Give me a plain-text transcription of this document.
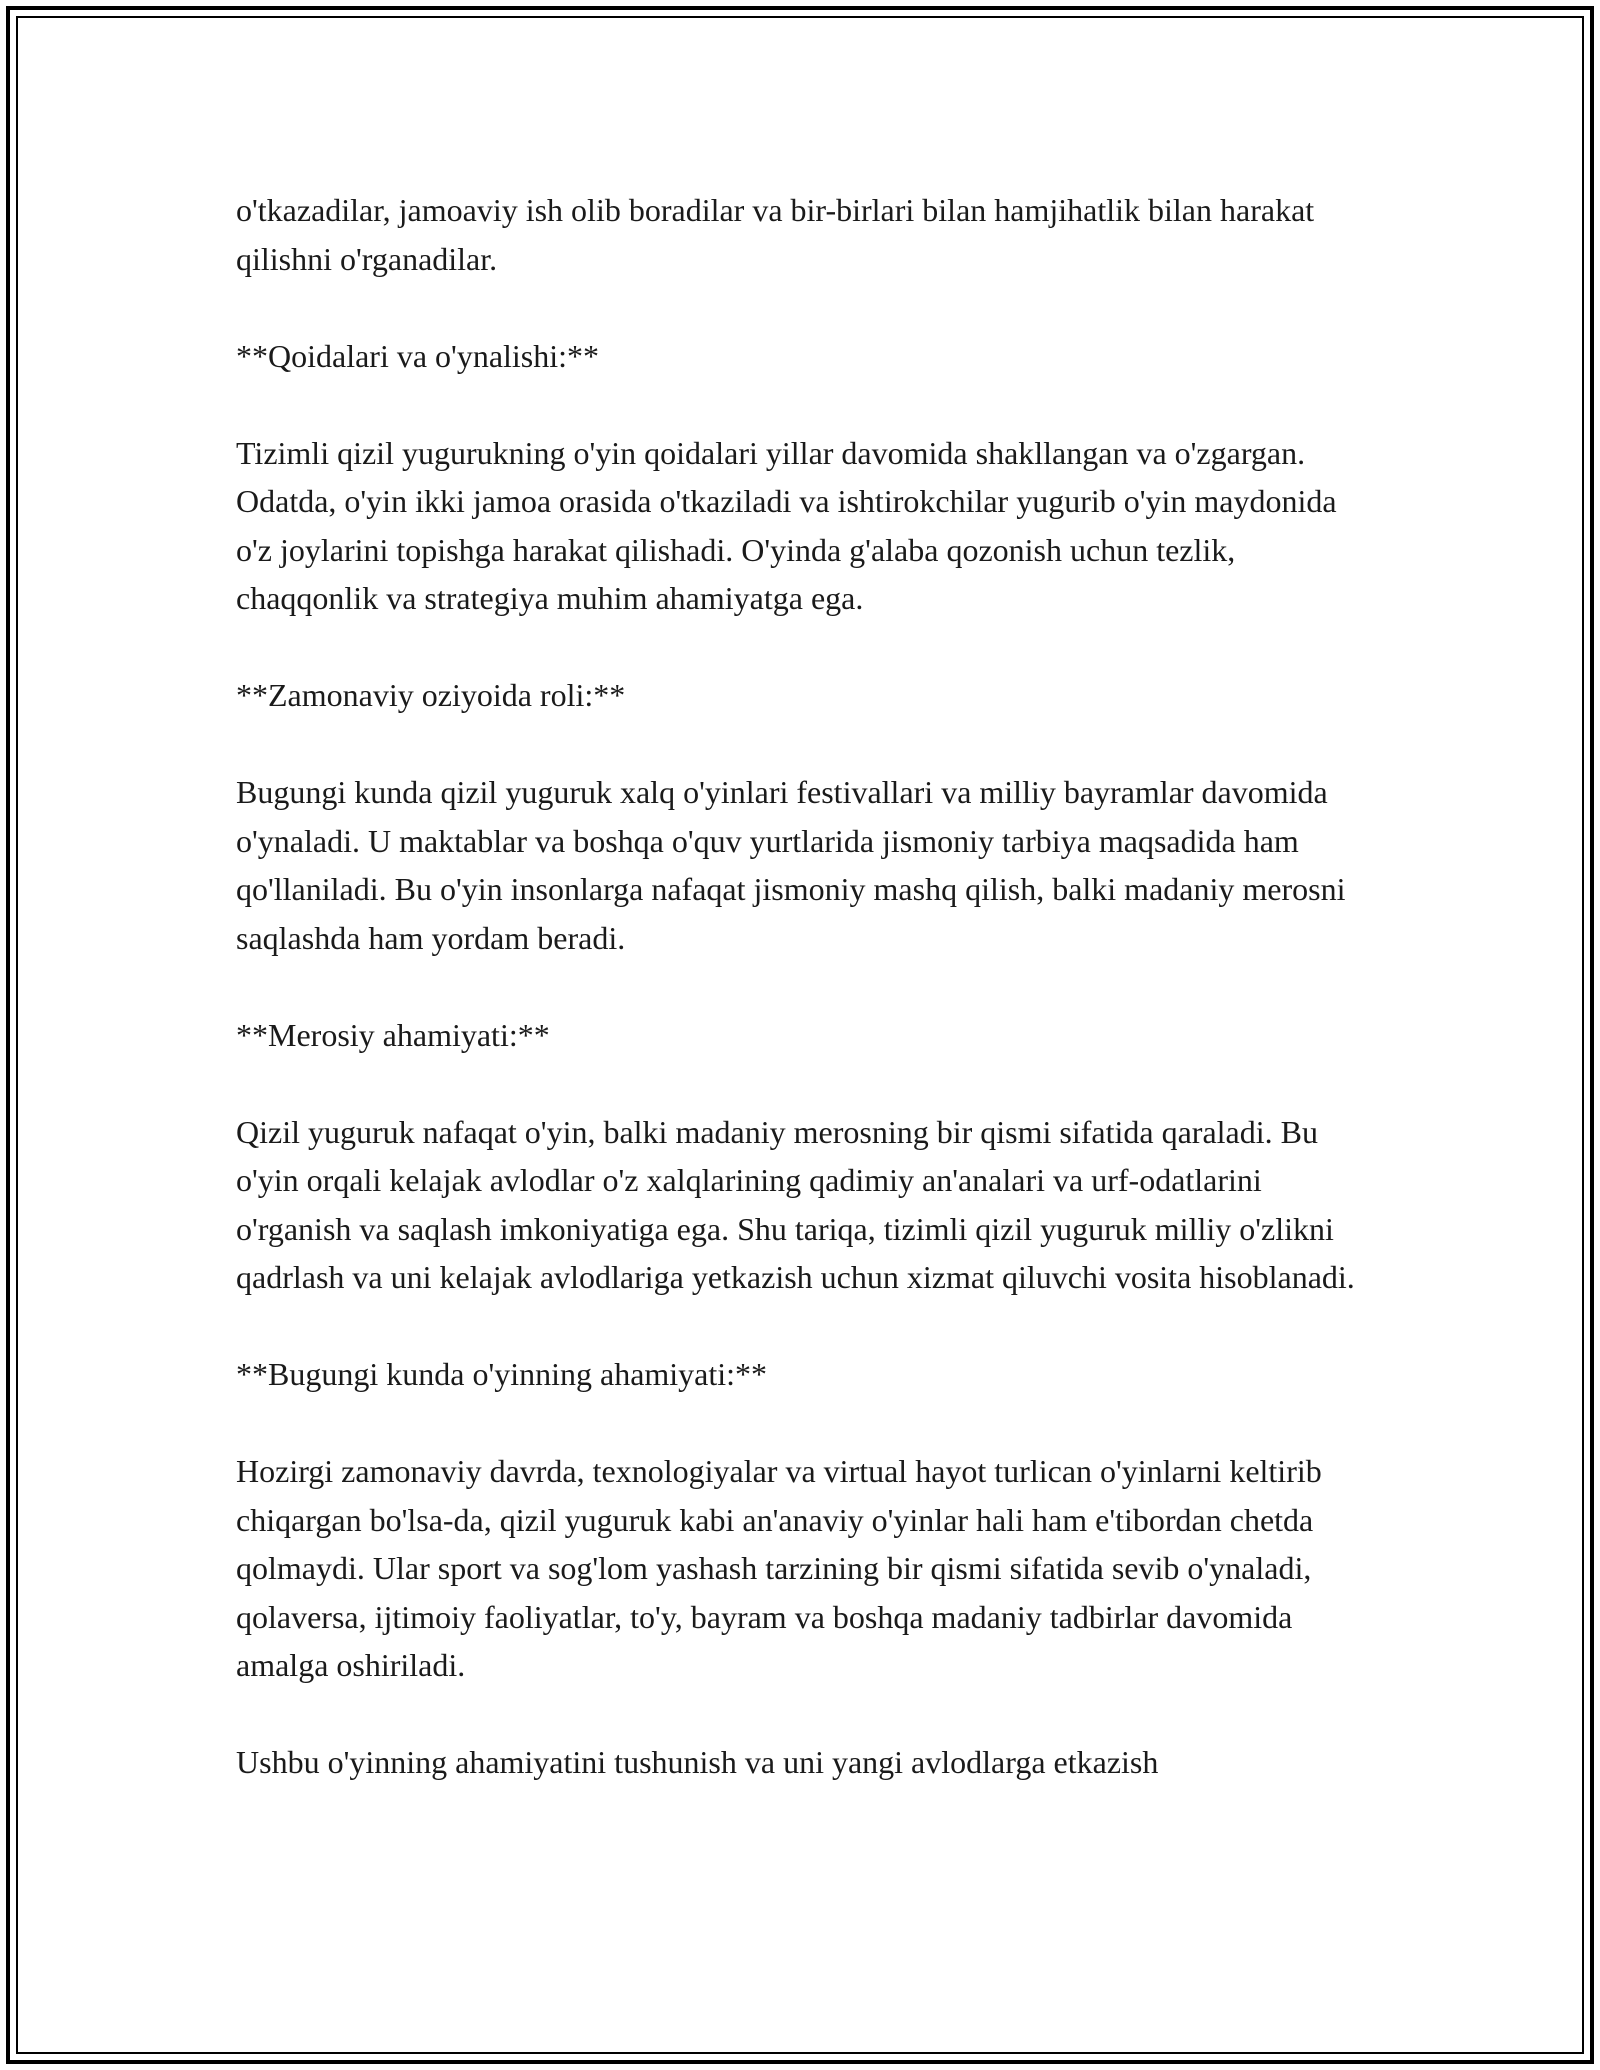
o'tkazadilar, jamoaviy ish olib boradilar va bir-birlari bilan hamjihatlik bilan harakat qilishni o'rganadilar.

**Qoidalari va o'ynalishi:**

Tizimli qizil yugurukning o'yin qoidalari yillar davomida shakllangan va o'zgargan. Odatda, o'yin ikki jamoa orasida o'tkaziladi va ishtirokchilar yugurib o'yin maydonida o'z joylarini topishga harakat qilishadi. O'yinda g'alaba qozonish uchun tezlik, chaqqonlik va strategiya muhim ahamiyatga ega.

**Zamonaviy oziyoida roli:**

Bugungi kunda qizil yuguruk xalq o'yinlari festivallari va milliy bayramlar davomida o'ynaladi. U maktablar va boshqa o'quv yurtlarida jismoniy tarbiya maqsadida ham qo'llaniladi. Bu o'yin insonlarga nafaqat jismoniy mashq qilish, balki madaniy merosni saqlashda ham yordam beradi.

**Merosiy ahamiyati:**

Qizil yuguruk nafaqat o'yin, balki madaniy merosning bir qismi sifatida qaraladi. Bu o'yin orqali kelajak avlodlar o'z xalqlarining qadimiy an'analari va urf-odatlarini o'rganish va saqlash imkoniyatiga ega. Shu tariqa, tizimli qizil yuguruk milliy o'zlikni qadrlash va uni kelajak avlodlariga yetkazish uchun xizmat qiluvchi vosita hisoblanadi.

**Bugungi kunda o'yinning ahamiyati:**

Hozirgi zamonaviy davrda, texnologiyalar va virtual hayot turlican o'yinlarni keltirib chiqargan bo'lsa-da, qizil yuguruk kabi an'anaviy o'yinlar hali ham e'tibordan chetda qolmaydi. Ular sport va sog'lom yashash tarzining bir qismi sifatida sevib o'ynaladi, qolaversa, ijtimoiy faoliyatlar, to'y, bayram va boshqa madaniy tadbirlar davomida amalga oshiriladi.

Ushbu o'yinning ahamiyatini tushunish va uni yangi avlodlarga etkazish
